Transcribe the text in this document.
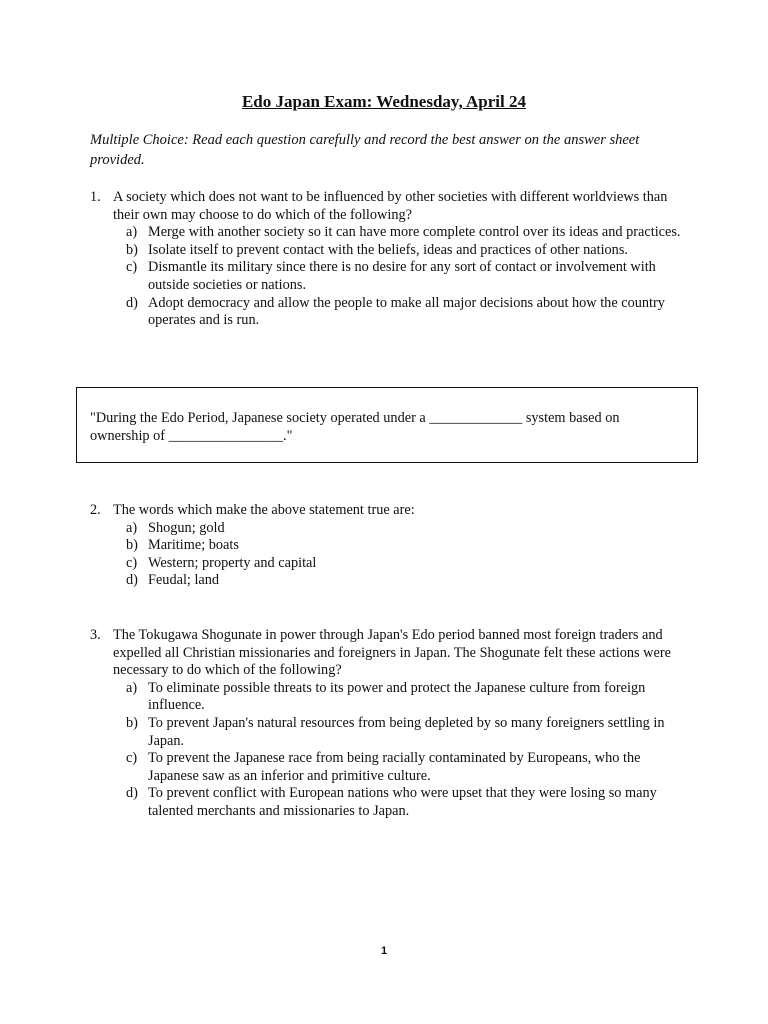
Edo Japan Exam: Wednesday, April 24

Multiple Choice: Read each question carefully and record the best answer on the answer sheet provided.

1. A society which does not want to be influenced by other societies with different worldviews than their own may choose to do which of the following?
a) Merge with another society so it can have more complete control over its ideas and practices.
b) Isolate itself to prevent contact with the beliefs, ideas and practices of other nations.
c) Dismantle its military since there is no desire for any sort of contact or involvement with outside societies or nations.
d) Adopt democracy and allow the people to make all major decisions about how the country operates and is run.

"During the Edo Period, Japanese society operated under a _____________ system based on ownership of ________________."

2. The words which make the above statement true are:
a) Shogun; gold
b) Maritime; boats
c) Western; property and capital
d) Feudal; land
3. The Tokugawa Shogunate in power through Japan's Edo period banned most foreign traders and expelled all Christian missionaries and foreigners in Japan. The Shogunate felt these actions were necessary to do which of the following?
a) To eliminate possible threats to its power and protect the Japanese culture from foreign influence.
b) To prevent Japan's natural resources from being depleted by so many foreigners settling in Japan.
c) To prevent the Japanese race from being racially contaminated by Europeans, who the Japanese saw as an inferior and primitive culture.
d) To prevent conflict with European nations who were upset that they were losing so many talented merchants and missionaries to Japan.
1
